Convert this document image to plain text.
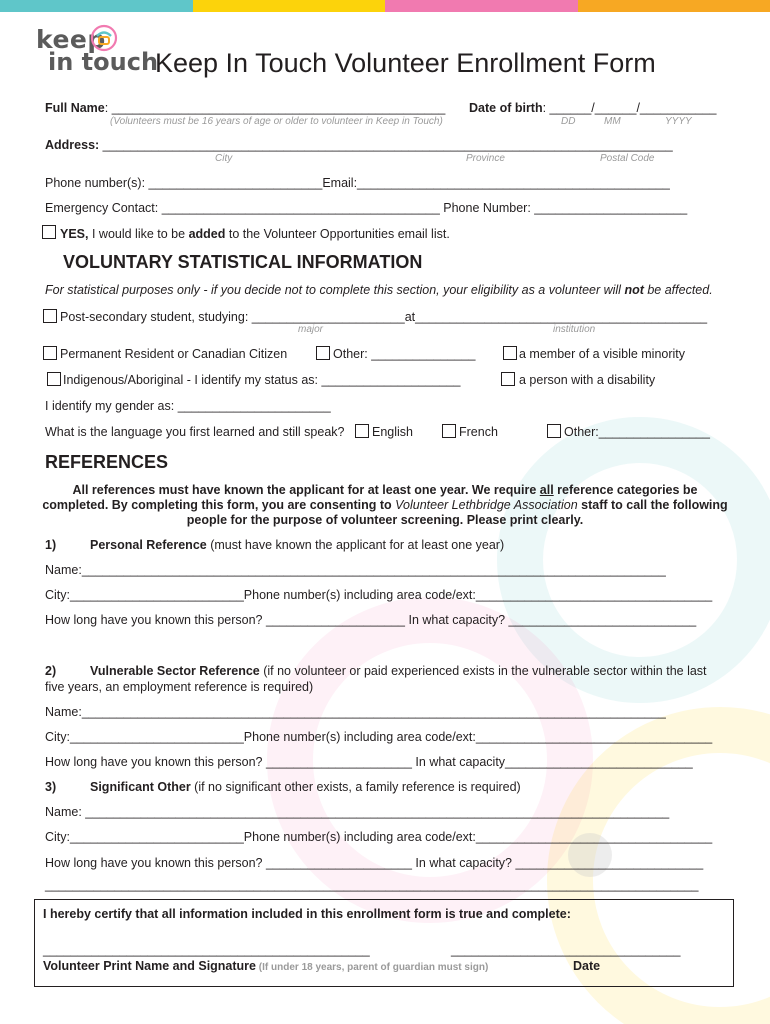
keep
in touch
Keep In Touch Volunteer Enrollment Form
Full Name: ________________________________________________
(Volunteers must be 16 years of age or older to volunteer in Keep in Touch)
Date of birth: ______/______/___________
DD	MM	YYYY
Address: __________________________________________________________________________________
City	Province	Postal Code
Phone number(s): _________________________Email:_____________________________________________
Emergency Contact: ________________________________________ Phone Number: ______________________
YES, I would like to be added to the Volunteer Opportunities email list.
VOLUNTARY STATISTICAL INFORMATION
For statistical purposes only - if you decide not to complete this section, your eligibility as a volunteer will not be affected.
Post-secondary student, studying: ______________________at__________________________________________
major	institution
Permanent Resident or Canadian Citizen	Other: _______________	a member of a visible minority
Indigenous/Aboriginal - I identify my status as: ____________________	a person with a disability
I identify my gender as: ______________________
What is the language you first learned and still speak? English	French	Other:________________
REFERENCES
All references must have known the applicant for at least one year. We require all reference categories be completed. By completing this form, you are consenting to Volunteer Lethbridge Association staff to call the following people for the purpose of volunteer screening. Please print clearly.
1)	Personal Reference (must have known the applicant for at least one year)
Name:____________________________________________________________________________________
City:_________________________Phone number(s) including area code/ext:__________________________________
How long have you known this person? ____________________ In what capacity? ___________________________
2)	Vulnerable Sector Reference (if no volunteer or paid experienced exists in the vulnerable sector within the last
five years, an employment reference is required)
Name:____________________________________________________________________________________
City:_________________________Phone number(s) including area code/ext:__________________________________
How long have you known this person? _____________________ In what capacity___________________________
3)	Significant Other (if no significant other exists, a family reference is required)
Name: ____________________________________________________________________________________
City:_________________________Phone number(s) including area code/ext:__________________________________
How long have you known this person? _____________________ In what capacity? ___________________________
______________________________________________________________________________________________
I hereby certify that all information included in this enrollment form is true and complete:
_______________________________________________	_________________________________
Volunteer Print Name and Signature (If under 18 years, parent of guardian must sign)	Date
